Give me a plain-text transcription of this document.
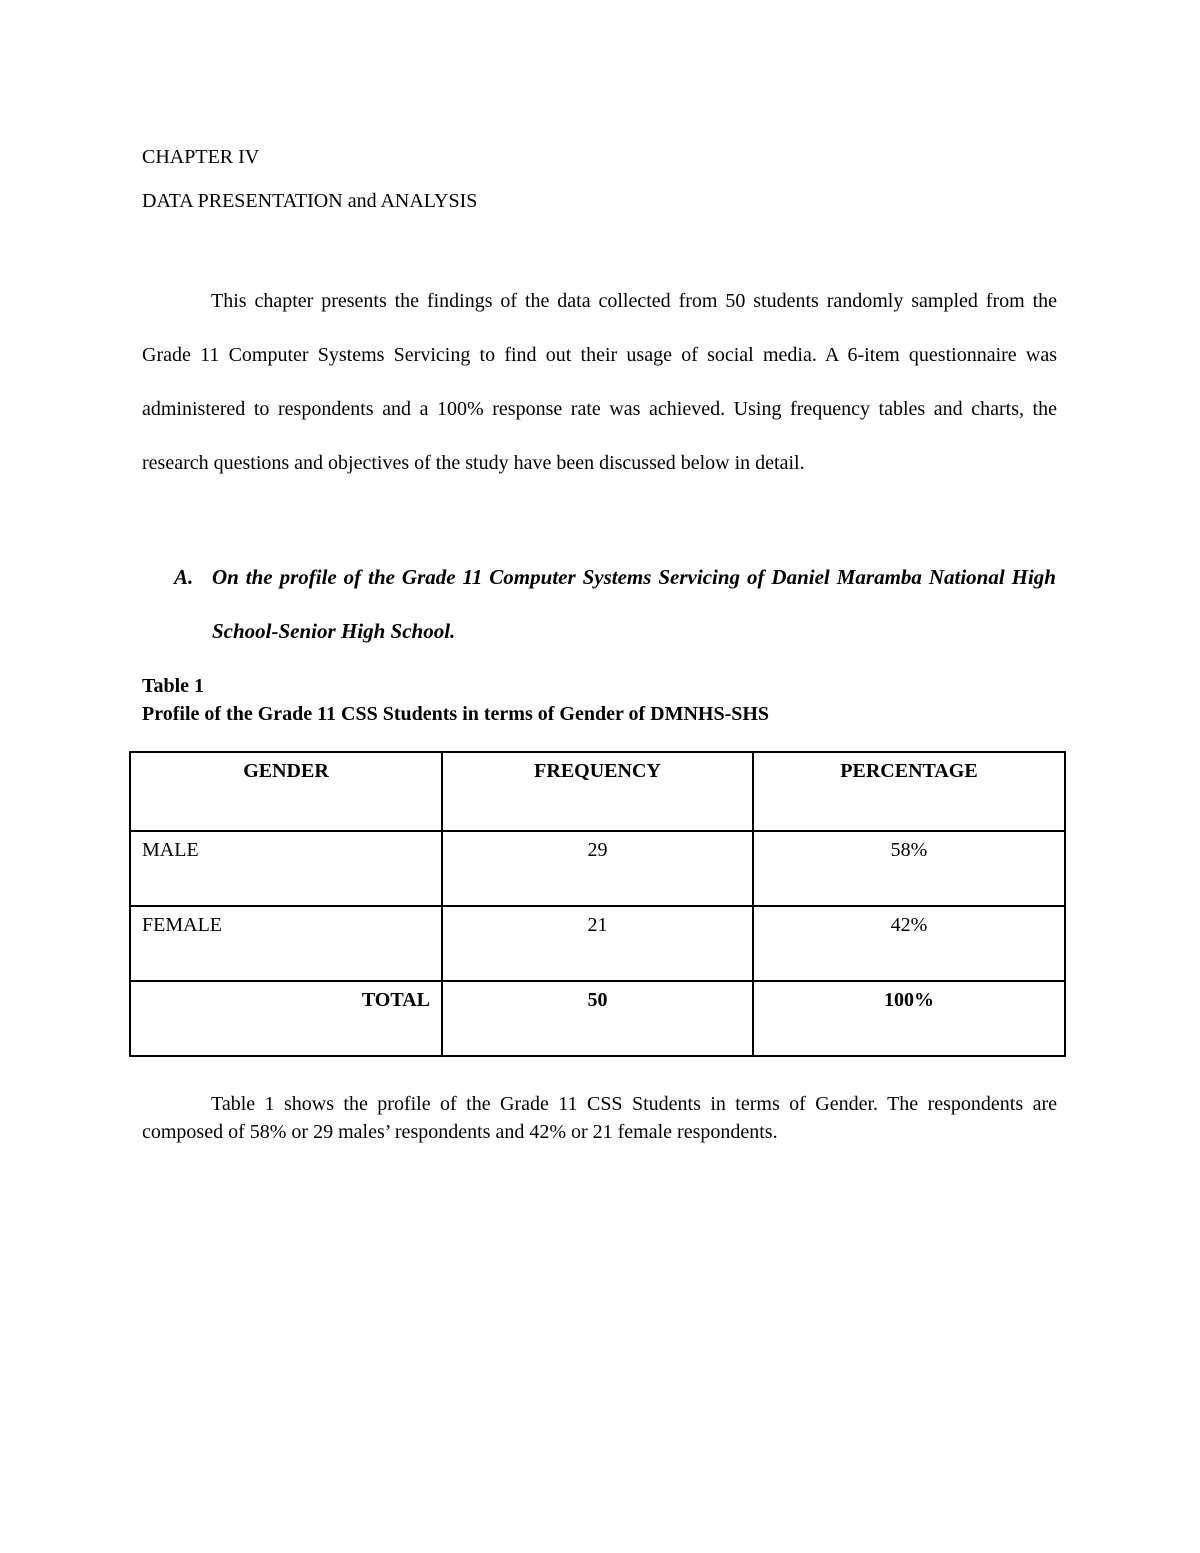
CHAPTER IV
DATA PRESENTATION and ANALYSIS

This chapter presents the findings of the data collected from 50 students randomly sampled from the Grade 11 Computer Systems Servicing to find out their usage of social media. A 6-item questionnaire was administered to respondents and a 100% response rate was achieved. Using frequency tables and charts, the research questions and objectives of the study have been discussed below in detail.

A. On the profile of the Grade 11 Computer Systems Servicing of Daniel Maramba National High School-Senior High School.

Table 1
Profile of the Grade 11 CSS Students in terms of Gender of DMNHS-SHS
GENDER	FREQUENCY	PERCENTAGE
MALE	29	58%
FEMALE	21	42%
TOTAL	50	100%

Table 1 shows the profile of the Grade 11 CSS Students in terms of Gender. The respondents are composed of 58% or 29 males’ respondents and 42% or 21 female respondents.
